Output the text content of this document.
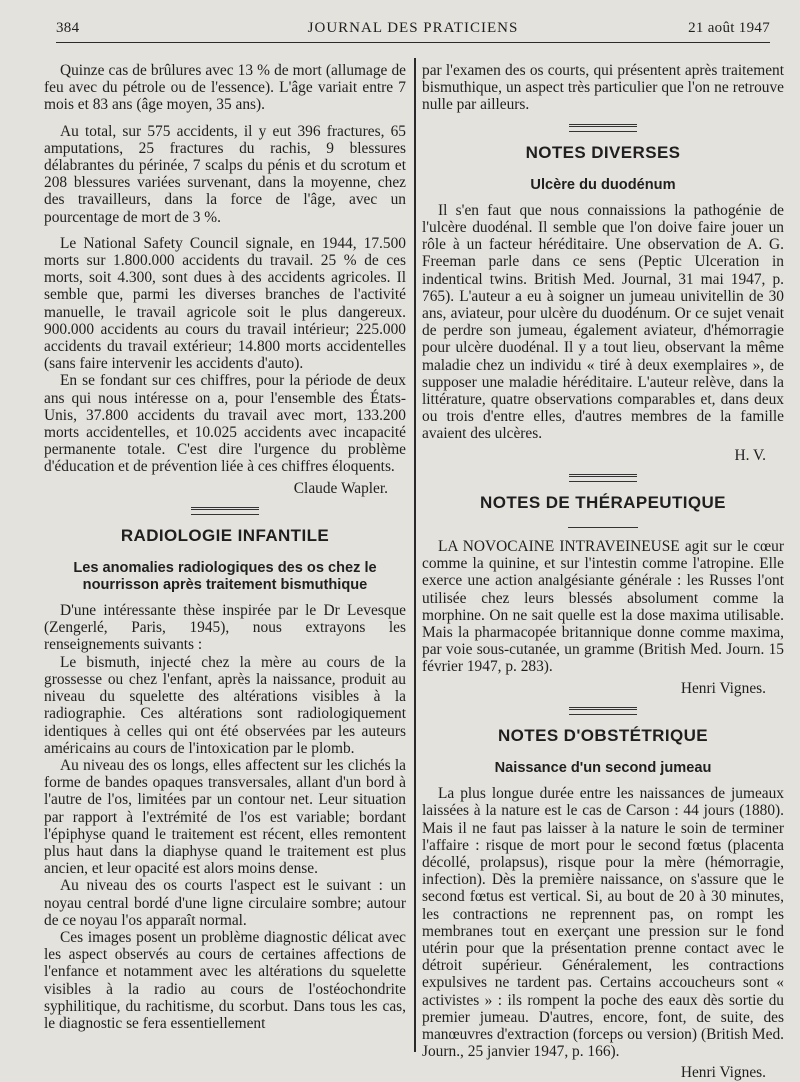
384	JOURNAL DES PRATICIENS	21 août 1947

Quinze cas de brûlures avec 13 % de mort (allumage de feu avec du pétrole ou de l'essence). L'âge variait entre 7 mois et 83 ans (âge moyen, 35 ans).

Au total, sur 575 accidents, il y eut 396 fractures, 65 amputations, 25 fractures du rachis, 9 blessures délabrantes du périnée, 7 scalps du pénis et du scrotum et 208 blessures variées survenant, dans la moyenne, chez des travailleurs, dans la force de l'âge, avec un pourcentage de mort de 3 %.

Le National Safety Council signale, en 1944, 17.500 morts sur 1.800.000 accidents du travail. 25 % de ces morts, soit 4.300, sont dues à des accidents agricoles. Il semble que, parmi les diverses branches de l'activité manuelle, le travail agricole soit le plus dangereux. 900.000 accidents au cours du travail intérieur; 225.000 accidents du travail extérieur; 14.800 morts accidentelles (sans faire intervenir les accidents d'auto).

En se fondant sur ces chiffres, pour la période de deux ans qui nous intéresse on a, pour l'ensemble des États-Unis, 37.800 accidents du travail avec mort, 133.200 morts accidentelles, et 10.025 accidents avec incapacité permanente totale. C'est dire l'urgence du problème d'éducation et de prévention liée à ces chiffres éloquents.

Claude Wapler.

RADIOLOGIE INFANTILE
Les anomalies radiologiques des os chez le nourrisson après traitement bismuthique

D'une intéressante thèse inspirée par le Dr Levesque (Zengerlé, Paris, 1945), nous extrayons les renseignements suivants :

Le bismuth, injecté chez la mère au cours de la grossesse ou chez l'enfant, après la naissance, produit au niveau du squelette des altérations visibles à la radiographie. Ces altérations sont radiologiquement identiques à celles qui ont été observées par les auteurs américains au cours de l'intoxication par le plomb.

Au niveau des os longs, elles affectent sur les clichés la forme de bandes opaques transversales, allant d'un bord à l'autre de l'os, limitées par un contour net. Leur situation par rapport à l'extrémité de l'os est variable; bordant l'épiphyse quand le traitement est récent, elles remontent plus haut dans la diaphyse quand le traitement est plus ancien, et leur opacité est alors moins dense.

Au niveau des os courts l'aspect est le suivant : un noyau central bordé d'une ligne circulaire sombre; autour de ce noyau l'os apparaît normal.

Ces images posent un problème diagnostic délicat avec les aspect observés au cours de certaines affections de l'enfance et notamment avec les altérations du squelette visibles à la radio au cours de l'ostéochondrite syphilitique, du rachitisme, du scorbut. Dans tous les cas, le diagnostic se fera essentiellement

par l'examen des os courts, qui présentent après traitement bismuthique, un aspect très particulier que l'on ne retrouve nulle par ailleurs.

NOTES DIVERSES
Ulcère du duodénum

Il s'en faut que nous connaissions la pathogénie de l'ulcère duodénal. Il semble que l'on doive faire jouer un rôle à un facteur héréditaire. Une observation de A. G. Freeman parle dans ce sens (Peptic Ulceration in indentical twins. British Med. Journal, 31 mai 1947, p. 765). L'auteur a eu à soigner un jumeau univitellin de 30 ans, aviateur, pour ulcère du duodénum. Or ce sujet venait de perdre son jumeau, également aviateur, d'hémorragie pour ulcère duodénal. Il y a tout lieu, observant la même maladie chez un individu « tiré à deux exemplaires », de supposer une maladie héréditaire. L'auteur relève, dans la littérature, quatre observations comparables et, dans deux ou trois d'entre elles, d'autres membres de la famille avaient des ulcères.

H. V.

NOTES DE THÉRAPEUTIQUE

LA NOVOCAINE INTRAVEINEUSE agit sur le cœur comme la quinine, et sur l'intestin comme l'atropine. Elle exerce une action analgésiante générale : les Russes l'ont utilisée chez leurs blessés absolument comme la morphine. On ne sait quelle est la dose maxima utilisable. Mais la pharmacopée britannique donne comme maxima, par voie sous-cutanée, un gramme (British Med. Journ. 15 février 1947, p. 283).

Henri Vignes.

NOTES D'OBSTÉTRIQUE
Naissance d'un second jumeau

La plus longue durée entre les naissances de jumeaux laissées à la nature est le cas de Carson : 44 jours (1880). Mais il ne faut pas laisser à la nature le soin de terminer l'affaire : risque de mort pour le second fœtus (placenta décollé, prolapsus), risque pour la mère (hémorragie, infection). Dès la première naissance, on s'assure que le second fœtus est vertical. Si, au bout de 20 à 30 minutes, les contractions ne reprennent pas, on rompt les membranes tout en exerçant une pression sur le fond utérin pour que la présentation prenne contact avec le détroit supérieur. Généralement, les contractions expulsives ne tardent pas. Certains accoucheurs sont « activistes » : ils rompent la poche des eaux dès sortie du premier jumeau. D'autres, encore, font, de suite, des manœuvres d'extraction (forceps ou version) (British Med. Journ., 25 janvier 1947, p. 166).

Henri Vignes.
